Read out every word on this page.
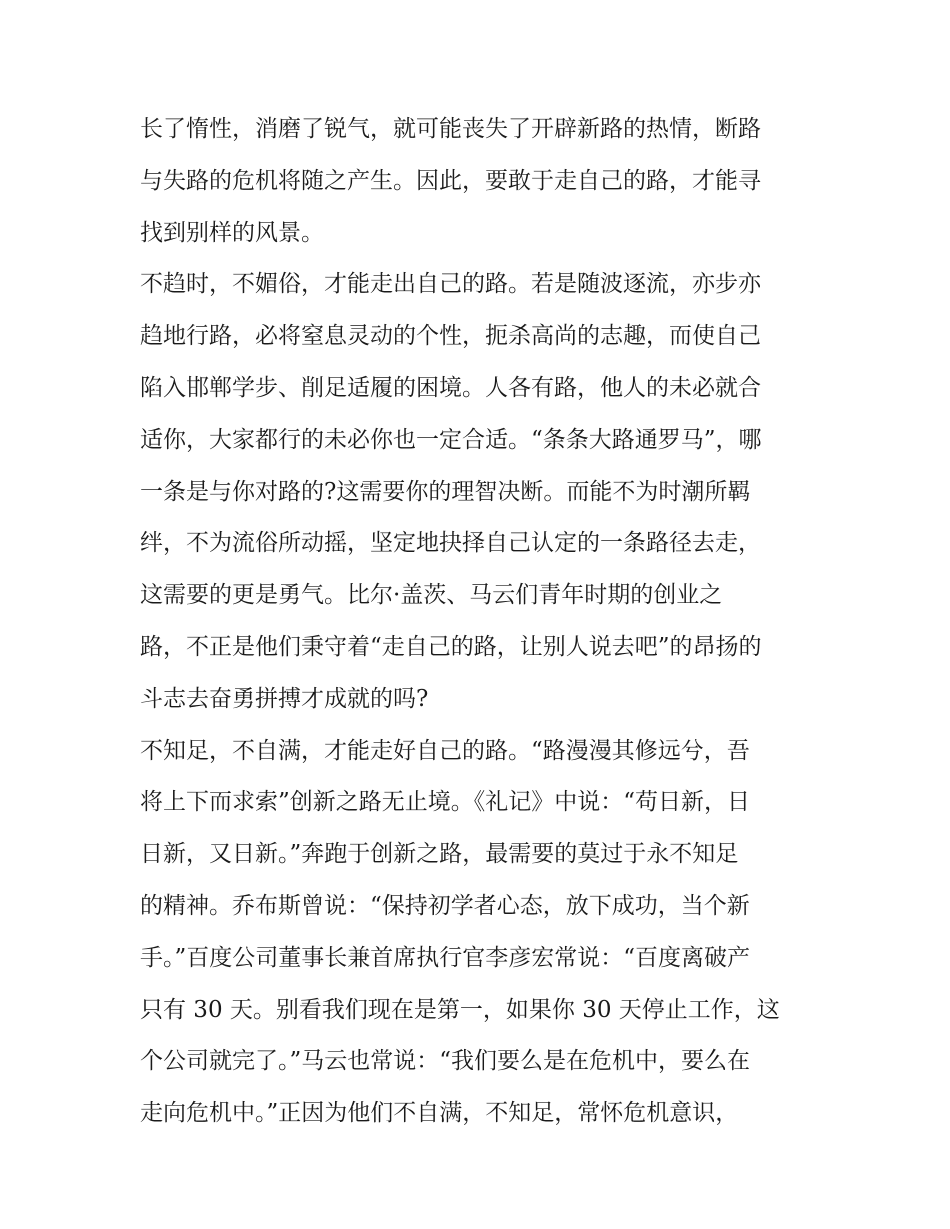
长了惰性，消磨了锐气，就可能丧失了开辟新路的热情，断路
与失路的危机将随之产生。因此，要敢于走自己的路，才能寻
找到别样的风景。
不趋时，不媚俗，才能走出自己的路。若是随波逐流，亦步亦
趋地行路，必将窒息灵动的个性，扼杀高尚的志趣，而使自己
陷入邯郸学步、削足适履的困境。人各有路，他人的未必就合
适你，大家都行的未必你也一定合适。“条条大路通罗马”，哪
一条是与你对路的?这需要你的理智决断。而能不为时潮所羁
绊，不为流俗所动摇，坚定地抉择自己认定的一条路径去走，
这需要的更是勇气。比尔·盖茨、马云们青年时期的创业之
路，不正是他们秉守着“走自己的路，让别人说去吧”的昂扬的
斗志去奋勇拼搏才成就的吗?
不知足，不自满，才能走好自己的路。“路漫漫其修远兮，吾
将上下而求索”创新之路无止境。《礼记》中说：“苟日新，日
日新，又日新。”奔跑于创新之路，最需要的莫过于永不知足
的精神。乔布斯曾说：“保持初学者心态，放下成功，当个新
手。”百度公司董事长兼首席执行官李彦宏常说：“百度离破产
只有 30 天。别看我们现在是第一，如果你 30 天停止工作，这
个公司就完了。”马云也常说：“我们要么是在危机中，要么在
走向危机中。”正因为他们不自满，不知足，常怀危机意识，
